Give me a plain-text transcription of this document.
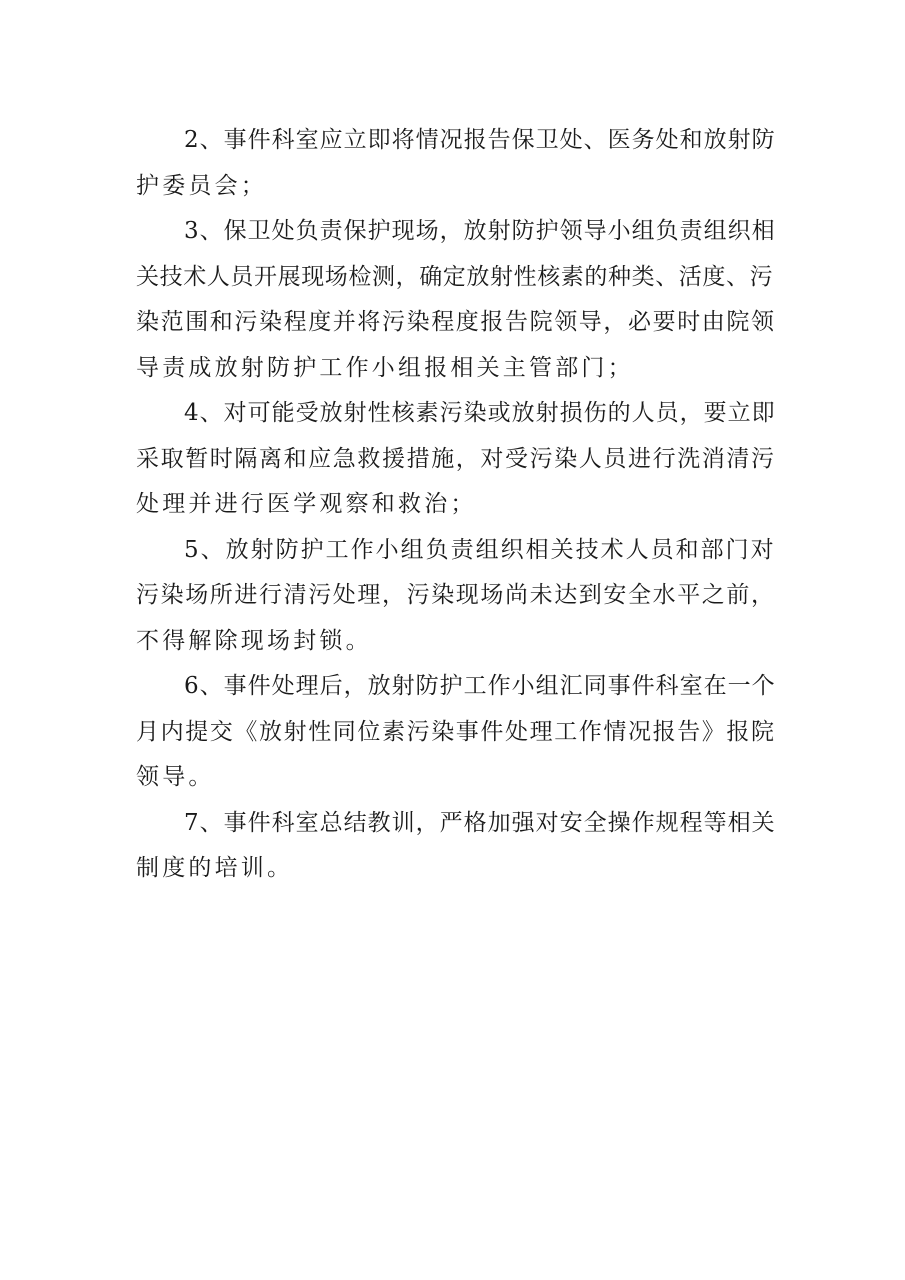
2、事件科室应立即将情况报告保卫处、医务处和放射防
护委员会；

3、保卫处负责保护现场，放射防护领导小组负责组织相
关技术人员开展现场检测，确定放射性核素的种类、活度、污
染范围和污染程度并将污染程度报告院领导，必要时由院领
导责成放射防护工作小组报相关主管部门；

4、对可能受放射性核素污染或放射损伤的人员，要立即
采取暂时隔离和应急救援措施，对受污染人员进行洗消清污
处理并进行医学观察和救治；

5、放射防护工作小组负责组织相关技术人员和部门对
污染场所进行清污处理，污染现场尚未达到安全水平之前，
不得解除现场封锁。

6、事件处理后，放射防护工作小组汇同事件科室在一个
月内提交《放射性同位素污染事件处理工作情况报告》报院
领导。

7、事件科室总结教训，严格加强对安全操作规程等相关
制度的培训。
